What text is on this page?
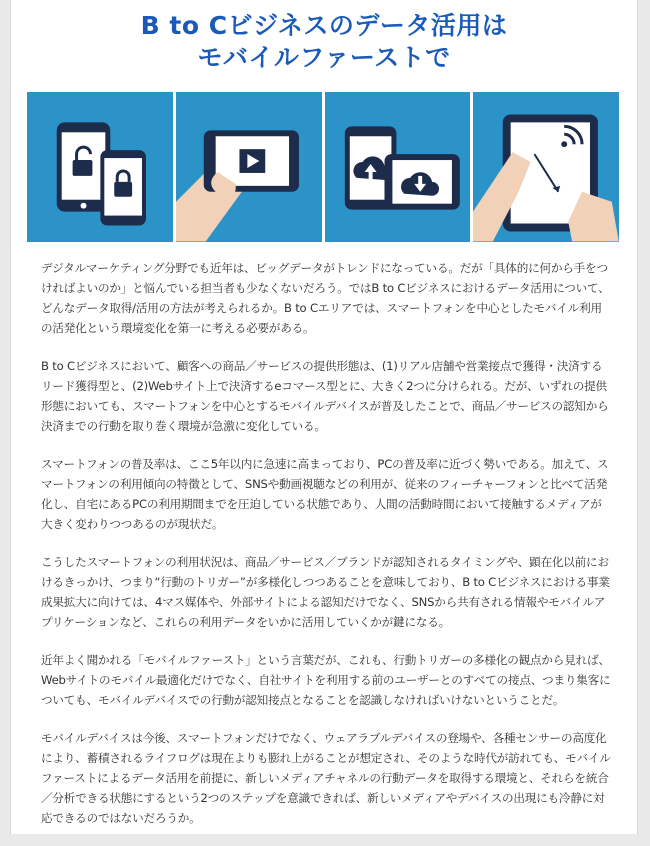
B to Cビジネスのデータ活用は
モバイルファーストで

デジタルマーケティング分野でも近年は、ビッグデータがトレンドになっている。だが「具体的に何から手をつければよいのか」と悩んでいる担当者も少なくないだろう。ではB to Cビジネスにおけるデータ活用について、どんなデータ取得/活用の方法が考えられるか。B to Cエリアでは、スマートフォンを中心としたモバイル利用の活発化という環境変化を第一に考える必要がある。

B to Cビジネスにおいて、顧客への商品／サービスの提供形態は、(1)リアル店舗や営業接点で獲得・決済するリード獲得型と、(2)Webサイト上で決済するeコマース型とに、大きく2つに分けられる。だが、いずれの提供形態においても、スマートフォンを中心とするモバイルデバイスが普及したことで、商品／サービスの認知から決済までの行動を取り巻く環境が急激に変化している。

スマートフォンの普及率は、ここ5年以内に急速に高まっており、PCの普及率に近づく勢いである。加えて、スマートフォンの利用傾向の特徴として、SNSや動画視聴などの利用が、従来のフィーチャーフォンと比べて活発化し、自宅にあるPCの利用期間までを圧迫している状態であり、人間の活動時間において接触するメディアが大きく変わりつつあるのが現状だ。

こうしたスマートフォンの利用状況は、商品／サービス／ブランドが認知されるタイミングや、顕在化以前におけるきっかけ、つまり“行動のトリガー”が多様化しつつあることを意味しており、B to Cビジネスにおける事業成果拡大に向けては、4マス媒体や、外部サイトによる認知だけでなく、SNSから共有される情報やモバイルアプリケーションなど、これらの利用データをいかに活用していくかが鍵になる。

近年よく聞かれる「モバイルファースト」という言葉だが、これも、行動トリガーの多様化の観点から見れば、Webサイトのモバイル最適化だけでなく、自社サイトを利用する前のユーザーとのすべての接点、つまり集客についても、モバイルデバイスでの行動が認知接点となることを認識しなければいけないということだ。

モバイルデバイスは今後、スマートフォンだけでなく、ウェアラブルデバイスの登場や、各種センサーの高度化により、蓄積されるライフログは現在よりも膨れ上がることが想定され、そのような時代が訪れても、モバイルファーストによるデータ活用を前提に、新しいメディアチャネルの行動データを取得する環境と、それらを統合／分析できる状態にするという2つのステップを意識できれば、新しいメディアやデバイスの出現にも冷静に対応できるのではないだろうか。
